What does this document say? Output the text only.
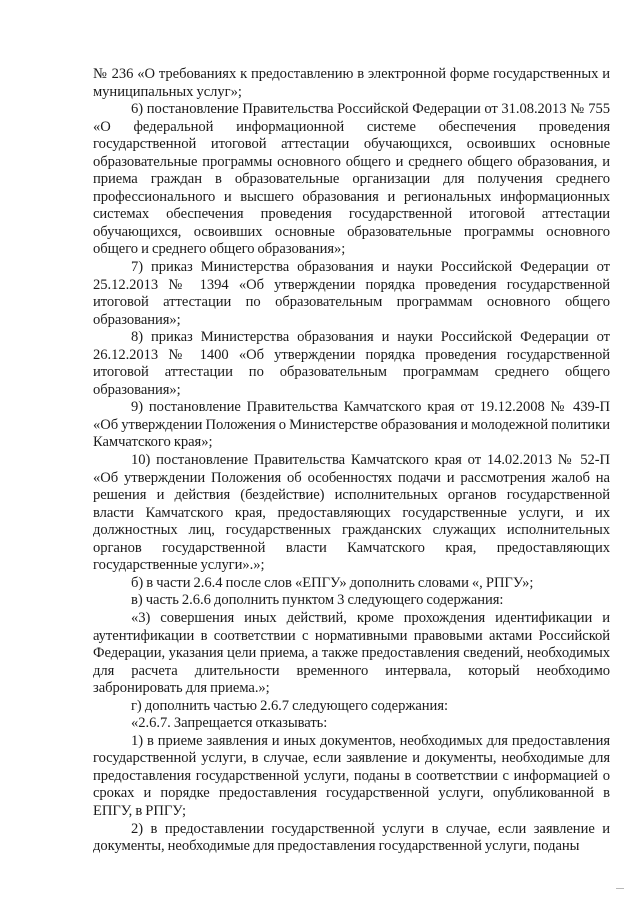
№ 236 «О требованиях к предоставлению в электронной форме государственных и муниципальных услуг»;

6) постановление Правительства Российской Федерации от 31.08.2013 № 755 «О федеральной информационной системе обеспечения проведения государственной итоговой аттестации обучающихся, освоивших основные образовательные программы основного общего и среднего общего образования, и приема граждан в образовательные организации для получения среднего профессионального и высшего образования и региональных информационных системах обеспечения проведения государственной итоговой аттестации обучающихся, освоивших основные образовательные программы основного общего и среднего общего образования»;

7) приказ Министерства образования и науки Российской Федерации от 25.12.2013 № 1394 «Об утверждении порядка проведения государственной итоговой аттестации по образовательным программам основного общего образования»;

8) приказ Министерства образования и науки Российской Федерации от 26.12.2013 № 1400 «Об утверждении порядка проведения государственной итоговой аттестации по образовательным программам среднего общего образования»;

9) постановление Правительства Камчатского края от 19.12.2008 № 439-П «Об утверждении Положения о Министерстве образования и молодежной политики Камчатского края»;

10) постановление Правительства Камчатского края от 14.02.2013 № 52-П «Об утверждении Положения об особенностях подачи и рассмотрения жалоб на решения и действия (бездействие) исполнительных органов государственной власти Камчатского края, предоставляющих государственные услуги, и их должностных лиц, государственных гражданских служащих исполнительных органов государственной власти Камчатского края, предоставляющих государственные услуги».»;

б) в части 2.6.4 после слов «ЕПГУ» дополнить словами «, РПГУ»;

в) часть 2.6.6 дополнить пунктом 3 следующего содержания:

«3) совершения иных действий, кроме прохождения идентификации и аутентификации в соответствии с нормативными правовыми актами Российской Федерации, указания цели приема, а также предоставления сведений, необходимых для расчета длительности временного интервала, который необходимо забронировать для приема.»;

г) дополнить частью 2.6.7 следующего содержания:

«2.6.7. Запрещается отказывать:

1) в приеме заявления и иных документов, необходимых для предоставления государственной услуги, в случае, если заявление и документы, необходимые для предоставления государственной услуги, поданы в соответствии с информацией о сроках и порядке предоставления государственной услуги, опубликованной в ЕПГУ, в РПГУ;

2) в предоставлении государственной услуги в случае, если заявление и документы, необходимые для предоставления государственной услуги, поданы
